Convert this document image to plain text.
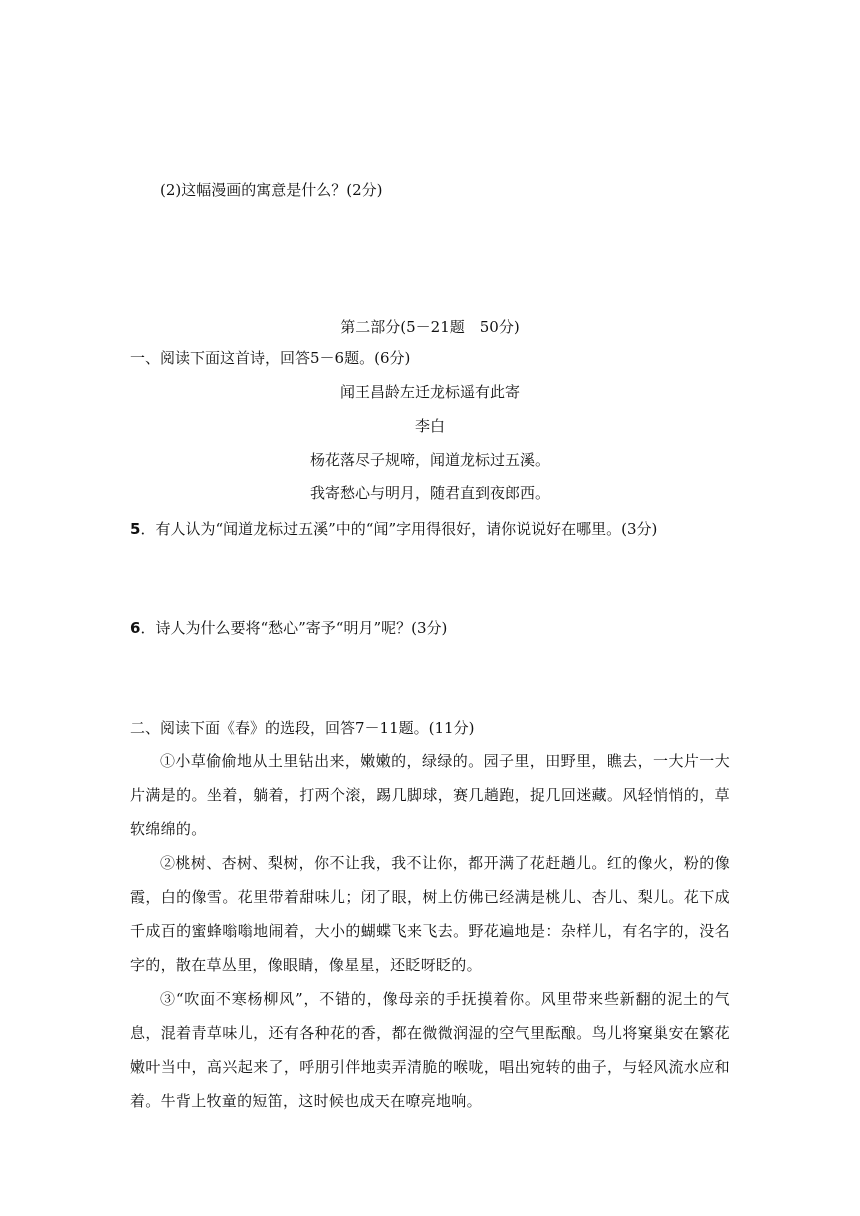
(2)这幅漫画的寓意是什么？(2分)
第二部分(5－21题　50分)
一、阅读下面这首诗，回答5－6题。(6分)
闻王昌龄左迁龙标遥有此寄
李白
杨花落尽子规啼，闻道龙标过五溪。
我寄愁心与明月，随君直到夜郎西。
5．有人认为“闻道龙标过五溪”中的“闻”字用得很好，请你说说好在哪里。(3分)
6．诗人为什么要将“愁心”寄予“明月”呢？(3分)
二、阅读下面《春》的选段，回答7－11题。(11分)
①小草偷偷地从土里钻出来，嫩嫩的，绿绿的。园子里，田野里，瞧去，一大片一大片满是的。坐着，躺着，打两个滚，踢几脚球，赛几趟跑，捉几回迷藏。风轻悄悄的，草软绵绵的。
②桃树、杏树、梨树，你不让我，我不让你，都开满了花赶趟儿。红的像火，粉的像霞，白的像雪。花里带着甜味儿；闭了眼，树上仿佛已经满是桃儿、杏儿、梨儿。花下成千成百的蜜蜂嗡嗡地闹着，大小的蝴蝶飞来飞去。野花遍地是：杂样儿，有名字的，没名字的，散在草丛里，像眼睛，像星星，还眨呀眨的。
③“吹面不寒杨柳风”，不错的，像母亲的手抚摸着你。风里带来些新翻的泥土的气息，混着青草味儿，还有各种花的香，都在微微润湿的空气里酝酿。鸟儿将窠巢安在繁花嫩叶当中，高兴起来了，呼朋引伴地卖弄清脆的喉咙，唱出宛转的曲子，与轻风流水应和着。牛背上牧童的短笛，这时候也成天在嘹亮地响。
